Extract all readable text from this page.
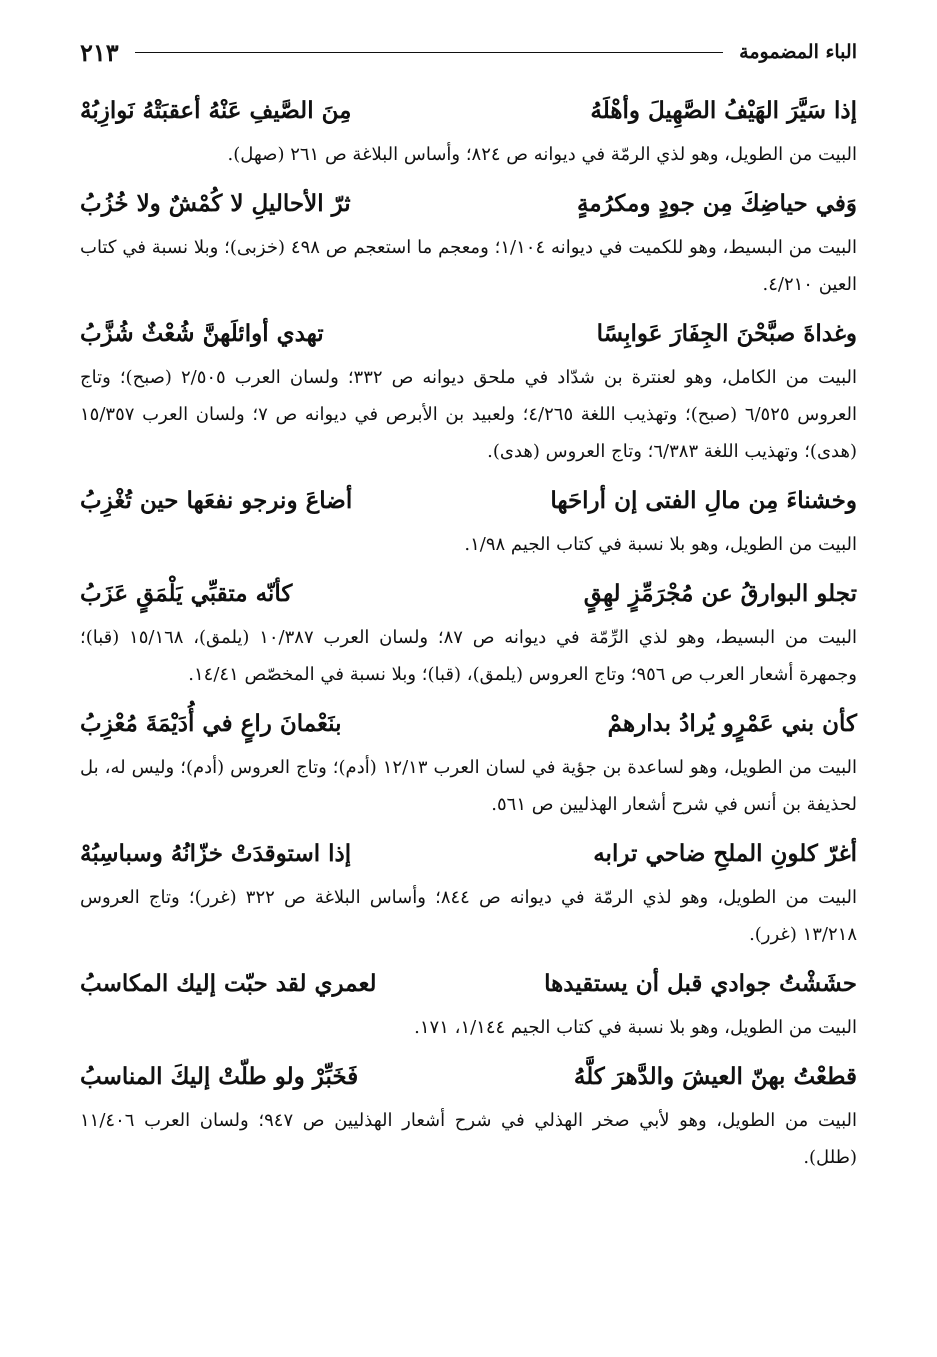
الباء المضمومة
٢١٣
إذا سَيَّرَ الهَيْفُ الصَّهِيلَ وأهْلَهُ
مِنَ الصَّيفِ عَنْهُ أعقبَتْهُ نَوازِبُهْ

البيت من الطويل، وهو لذي الرمّة في ديوانه ص ٨٢٤؛ وأساس البلاغة ص ٢٦١ (صهل).

وَفي حياضِكَ مِن جودٍ ومكرُمةٍ
ثرّ الأحاليلِ لا كُمْشٌ ولا خُزُبُ

البيت من البسيط، وهو للكميت في ديوانه ١/١٠٤؛ ومعجم ما استعجم ص ٤٩٨ (خزبى)؛ وبلا نسبة في كتاب العين ٤/٢١٠.

وغداةَ صبَّحْنَ الجِفَارَ عَوابِسًا
تهدي أوائلَهنَّ شُعْثٌ شُزَّبُ

البيت من الكامل، وهو لعنترة بن شدّاد في ملحق ديوانه ص ٣٣٢؛ ولسان العرب ٢/٥٠٥ (صبح)؛ وتاج العروس ٦/٥٢٥ (صبح)؛ وتهذيب اللغة ٤/٢٦٥؛ ولعبيد بن الأبرص في ديوانه ص ٧؛ ولسان العرب ١٥/٣٥٧ (هدى)؛ وتهذيب اللغة ٦/٣٨٣؛ وتاج العروس (هدى).

وخشناءَ مِن مالِ الفتى إن أراحَها
أضاعَ ونرجو نفعَها حين تُغْزِبُ

البيت من الطويل، وهو بلا نسبة في كتاب الجيم ١/٩٨.

تجلو البوارقُ عن مُجْرَمِّزٍ لهِقٍ
كأنّه متقبِّي يَلْمَقٍ عَزَبُ

البيت من البسيط، وهو لذي الرِّمّة في ديوانه ص ٨٧؛ ولسان العرب ١٠/٣٨٧ (يلمق)، ١٥/١٦٨ (قبا)؛ وجمهرة أشعار العرب ص ٩٥٦؛ وتاج العروس (يلمق)، (قبا)؛ وبلا نسبة في المخصّص ١٤/٤١.

كأن بني عَمْرٍو يُرادُ بدارهمْ
بنَعْمانَ راعٍ في أُدَيْمَةَ مُعْزِبُ

البيت من الطويل، وهو لساعدة بن جؤية في لسان العرب ١٢/١٣ (أدم)؛ وتاج العروس (أدم)؛ وليس له، بل لحذيفة بن أنس في شرح أشعار الهذليين ص ٥٦١.

أغرّ كلونِ الملحِ ضاحي ترابه
إذا استوقدَتْ خزّانُهُ وسباسِبُهْ

البيت من الطويل، وهو لذي الرمّة في ديوانه ص ٨٤٤؛ وأساس البلاغة ص ٣٢٢ (غرر)؛ وتاج العروس ١٣/٢١٨ (غرر).

حشَشْتُ جوادي قبل أن يستقيدها
لعمري لقد حبّت إليك المكاسبُ

البيت من الطويل، وهو بلا نسبة في كتاب الجيم ١/١٤٤، ١٧١.

قطعْتُ بهنّ العيشَ والدَّهرَ كلَّهُ
فَخَبِّرْ ولو طلّتْ إليكَ المناسبُ

البيت من الطويل، وهو لأبي صخر الهذلي في شرح أشعار الهذليين ص ٩٤٧؛ ولسان العرب ١١/٤٠٦ (طلل).
